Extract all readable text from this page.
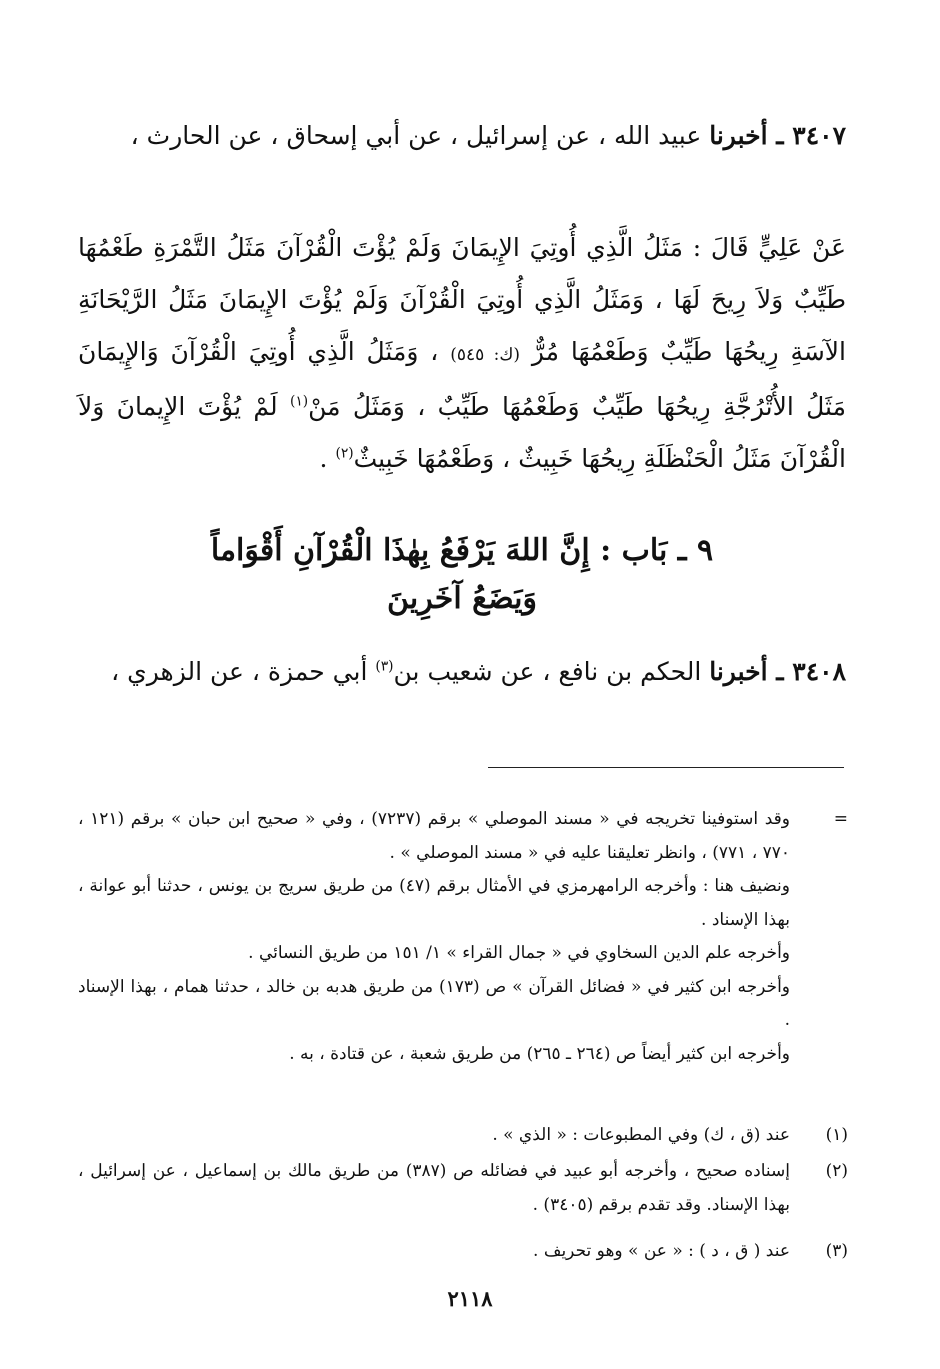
٣٤٠٧ ـ أخبرنا عبيد الله ، عن إسرائيل ، عن أبي إسحاق ، عن الحارث ،

عَنْ عَلِيٍّ قَالَ : مَثَلُ الَّذِي أُوتِيَ الإِيمَانَ وَلَمْ يُؤْتَ الْقُرْآنَ مَثَلُ التَّمْرَةِ طَعْمُهَا طَيِّبٌ وَلاَ رِيحَ لَهَا ، وَمَثَلُ الَّذِي أُوتِيَ الْقُرْآنَ وَلَمْ يُؤْتَ الإِيمَانَ مَثَلُ الرَّيْحَانَةِ الآسَةِ رِيحُهَا طَيِّبٌ وَطَعْمُهَا مُرٌّ (ك: ٥٤٥) ، وَمَثَلُ الَّذِي أُوتِيَ الْقُرْآنَ وَالإِيمَانَ مَثَلُ الأُتْرُجَّةِ رِيحُهَا طَيِّبٌ وَطَعْمُهَا طَيِّبٌ ، وَمَثَلُ مَنْ$^{(١)}$ لَمْ يُؤْتَ الإِيمانَ وَلاَ الْقُرْآنَ مَثَلُ الْحَنْظَلَةِ رِيحُهَا خَبِيثٌ ، وَطَعْمُهَا خَبِيثٌ$^{(٢)}$ .

٩ ـ بَاب : إِنَّ اللهَ يَرْفَعُ بِهٰذَا الْقُرْآنِ أَقْوَاماً
وَيَضَعُ آخَرِينَ

٣٤٠٨ ـ أخبرنا الحكم بن نافع ، عن شعيب بن$^{(٣)}$ أبي حمزة ، عن الزهري ،

=
وقد استوفينا تخريجه في « مسند الموصلي » برقم (٧٢٣٧) ، وفي « صحيح ابن حبان » برقم (١٢١ ، ٧٧٠ ، ٧٧١) ، وانظر تعليقنا عليه في « مسند الموصلي » .
ونضيف هنا : وأخرجه الرامهرمزي في الأمثال برقم (٤٧) من طريق سريج بن يونس ، حدثنا أبو عوانة ، بهذا الإسناد .
وأخرجه علم الدين السخاوي في « جمال القراء » ١/ ١٥١ من طريق النسائي .
وأخرجه ابن كثير في « فضائل القرآن » ص (١٧٣) من طريق هدبه بن خالد ، حدثنا همام ، بهذا الإسناد .
وأخرجه ابن كثير أيضاً ص (٢٦٤ ـ ٢٦٥) من طريق شعبة ، عن قتادة ، به .
(١)
عند (ق ، ك) وفي المطبوعات : « الذي » .
(٢)
إسناده صحيح ، وأخرجه أبو عبيد في فضائله ص (٣٨٧) من طريق مالك بن إسماعيل ، عن إسرائيل ، بهذا الإسناد. وقد تقدم برقم (٣٤٠٥) .
(٣)
عند ( ق ، د ) : « عن » وهو تحريف .
٢١١٨
